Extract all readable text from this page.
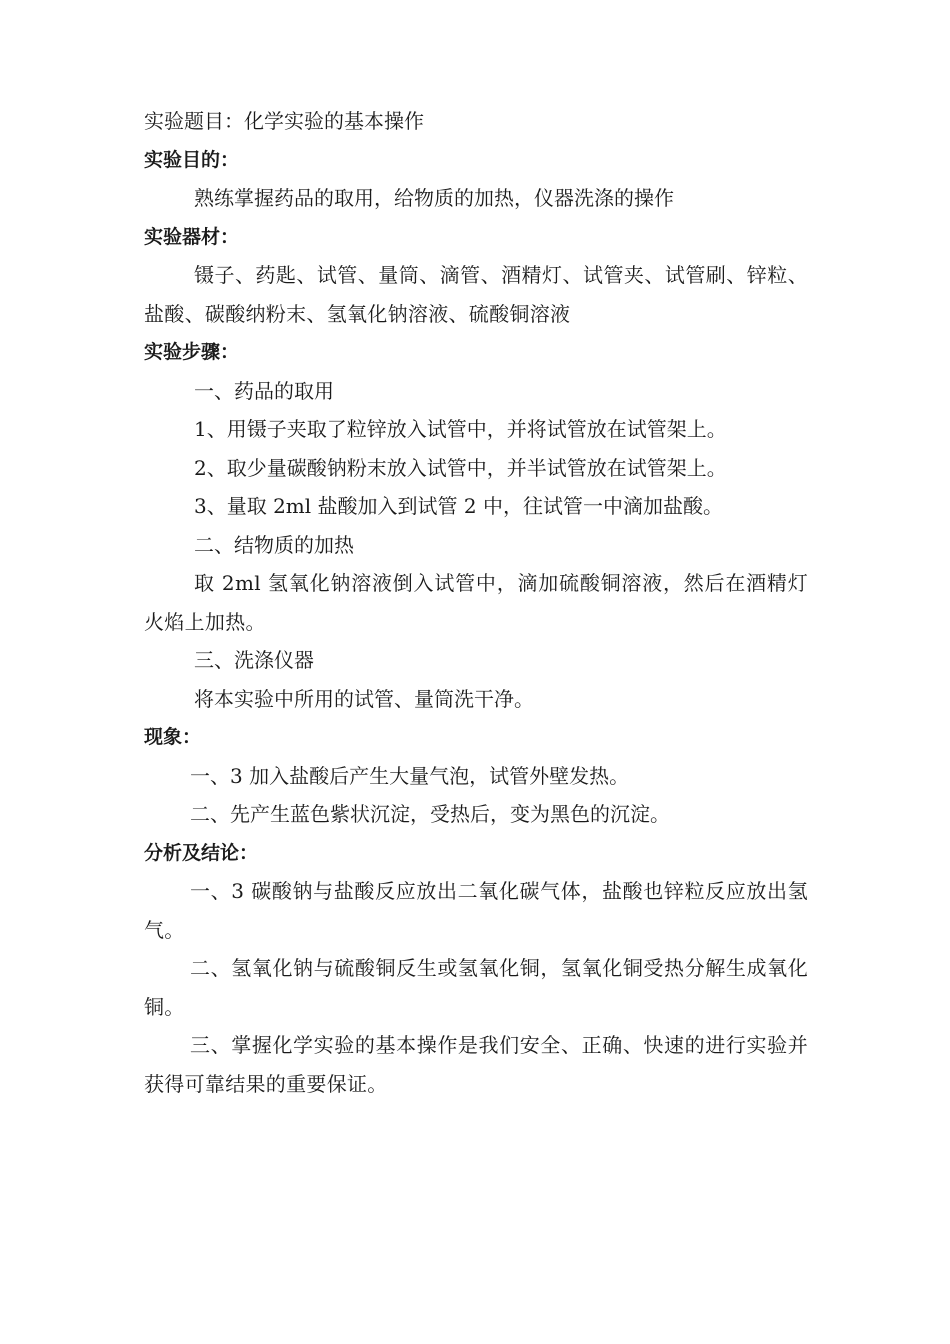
实验题目：化学实验的基本操作
实验目的：
熟练掌握药品的取用，给物质的加热，仪器洗涤的操作
实验器材：
镊子、药匙、试管、量筒、滴管、酒精灯、试管夹、试管刷、锌粒、盐酸、碳酸纳粉末、氢氧化钠溶液、硫酸铜溶液
实验步骤：
一、药品的取用
1、用镊子夹取了粒锌放入试管中，并将试管放在试管架上。
2、取少量碳酸钠粉末放入试管中，并半试管放在试管架上。
3、量取 2ml 盐酸加入到试管 2 中，往试管一中滴加盐酸。
二、结物质的加热
取 2ml 氢氧化钠溶液倒入试管中，滴加硫酸铜溶液，然后在酒精灯火焰上加热。
三、洗涤仪器
将本实验中所用的试管、量筒洗干净。
现象：
一、3 加入盐酸后产生大量气泡，试管外壁发热。
二、先产生蓝色紫状沉淀，受热后，变为黑色的沉淀。
分析及结论：
一、3 碳酸钠与盐酸反应放出二氧化碳气体，盐酸也锌粒反应放出氢气。
二、氢氧化钠与硫酸铜反生或氢氧化铜，氢氧化铜受热分解生成氧化铜。
三、掌握化学实验的基本操作是我们安全、正确、快速的进行实验并获得可靠结果的重要保证。
